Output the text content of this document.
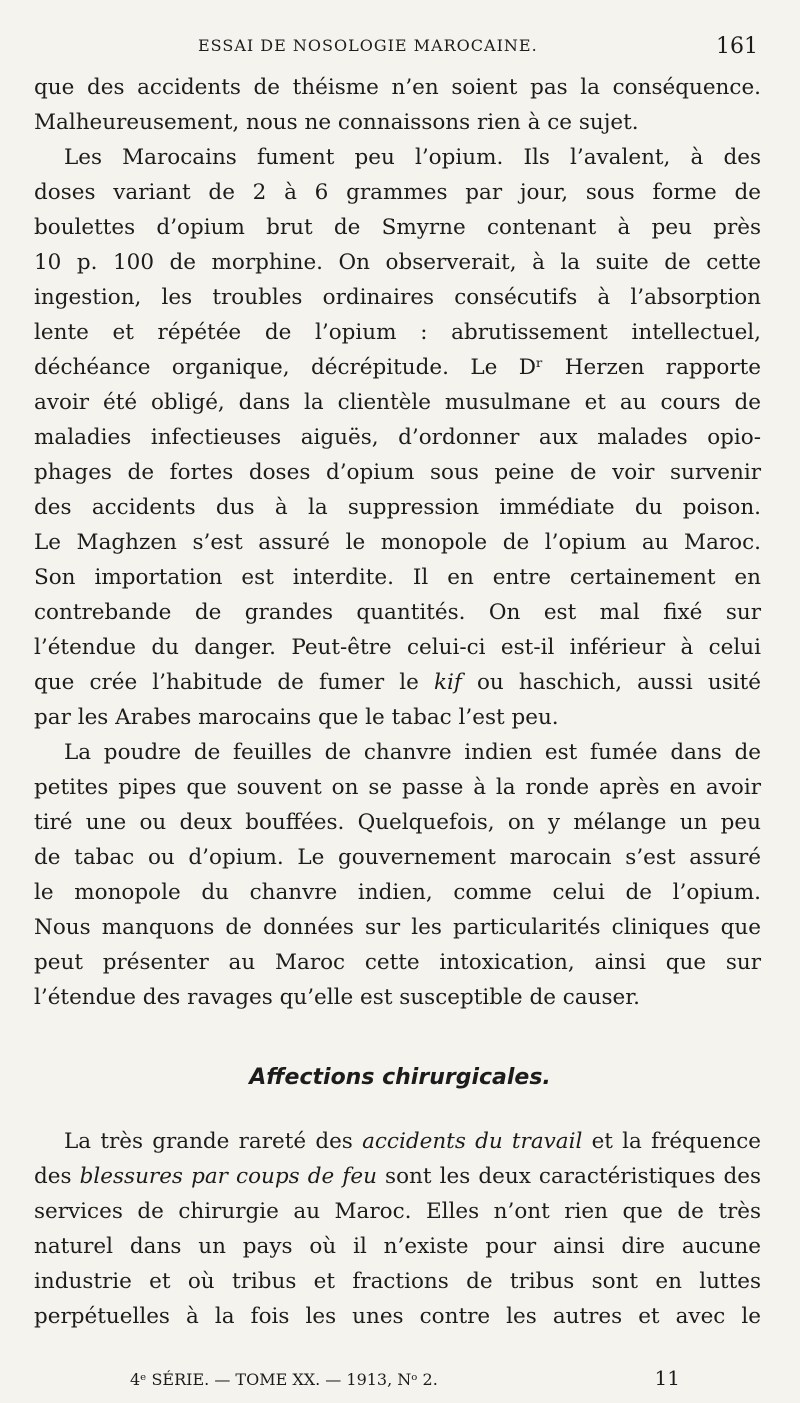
ESSAI DE NOSOLOGIE MAROCAINE.	161
que des accidents de théisme n’en soient pas la conséquence.
Malheureusement, nous ne connaissons rien à ce sujet.
Les Marocains fument peu l’opium. Ils l’avalent, à des
doses variant de 2 à 6 grammes par jour, sous forme de
boulettes d’opium brut de Smyrne contenant à peu près
10 p. 100 de morphine. On observerait, à la suite de cette
ingestion, les troubles ordinaires consécutifs à l’absorption
lente et répétée de l’opium : abrutissement intellectuel,
déchéance organique, décrépitude. Le Dʳ Herzen rapporte
avoir été obligé, dans la clientèle musulmane et au cours de
maladies infectieuses aiguës, d’ordonner aux malades opio-
phages de fortes doses d’opium sous peine de voir survenir
des accidents dus à la suppression immédiate du poison.
Le Maghzen s’est assuré le monopole de l’opium au Maroc.
Son importation est interdite. Il en entre certainement en
contrebande de grandes quantités. On est mal fixé sur
l’étendue du danger. Peut-être celui-ci est-il inférieur à celui
que crée l’habitude de fumer le kif ou haschich, aussi usité
par les Arabes marocains que le tabac l’est peu.
La poudre de feuilles de chanvre indien est fumée dans de
petites pipes que souvent on se passe à la ronde après en avoir
tiré une ou deux bouffées. Quelquefois, on y mélange un peu
de tabac ou d’opium. Le gouvernement marocain s’est assuré
le monopole du chanvre indien, comme celui de l’opium.
Nous manquons de données sur les particularités cliniques que
peut présenter au Maroc cette intoxication, ainsi que sur
l’étendue des ravages qu’elle est susceptible de causer.
Affections chirurgicales.
La très grande rareté des accidents du travail et la fréquence
des blessures par coups de feu sont les deux caractéristiques des
services de chirurgie au Maroc. Elles n’ont rien que de très
naturel dans un pays où il n’existe pour ainsi dire aucune
industrie et où tribus et fractions de tribus sont en luttes
perpétuelles à la fois les unes contre les autres et avec le
4ᵉ SÉRIE. — TOME XX. — 1913, Nᵒ 2.	11
